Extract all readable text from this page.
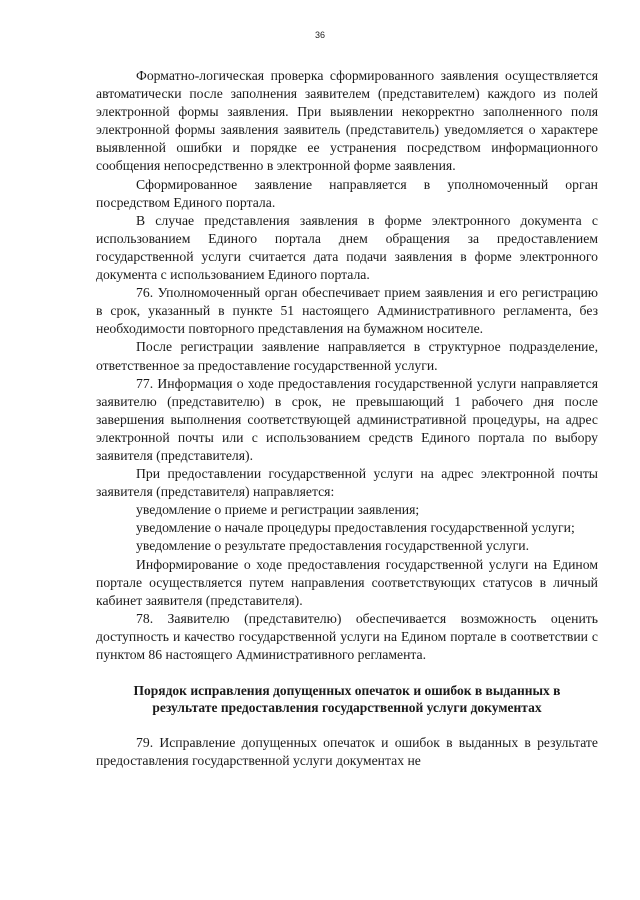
36

Форматно-логическая проверка сформированного заявления осуществляется автоматически после заполнения заявителем (представителем) каждого из полей электронной формы заявления. При выявлении некорректно заполненного поля электронной формы заявления заявитель (представитель) уведомляется о характере выявленной ошибки и порядке ее устранения посредством информационного сообщения непосредственно в электронной форме заявления.

Сформированное заявление направляется в уполномоченный орган посредством Единого портала.

В случае представления заявления в форме электронного документа с использованием Единого портала днем обращения за предоставлением государственной услуги считается дата подачи заявления в форме электронного документа с использованием Единого портала.

76. Уполномоченный орган обеспечивает прием заявления и его регистрацию в срок, указанный в пункте 51 настоящего Административного регламента, без необходимости повторного представления на бумажном носителе.

После регистрации заявление направляется в структурное подразделение, ответственное за предоставление государственной услуги.

77. Информация о ходе предоставления государственной услуги направляется заявителю (представителю) в срок, не превышающий 1 рабочего дня после завершения выполнения соответствующей административной процедуры, на адрес электронной почты или с использованием средств Единого портала по выбору заявителя (представителя).

При предоставлении государственной услуги на адрес электронной почты заявителя (представителя) направляется:

уведомление о приеме и регистрации заявления;

уведомление о начале процедуры предоставления государственной услуги;

уведомление о результате предоставления государственной услуги.

Информирование о ходе предоставления государственной услуги на Едином портале осуществляется путем направления соответствующих статусов в личный кабинет заявителя (представителя).

78. Заявителю (представителю) обеспечивается возможность оценить доступность и качество государственной услуги на Едином портале в соответствии с пунктом 86 настоящего Административного регламента.

Порядок исправления допущенных опечаток и ошибок в выданных в результате предоставления государственной услуги документах

79. Исправление допущенных опечаток и ошибок в выданных в результате предоставления государственной услуги документах не
